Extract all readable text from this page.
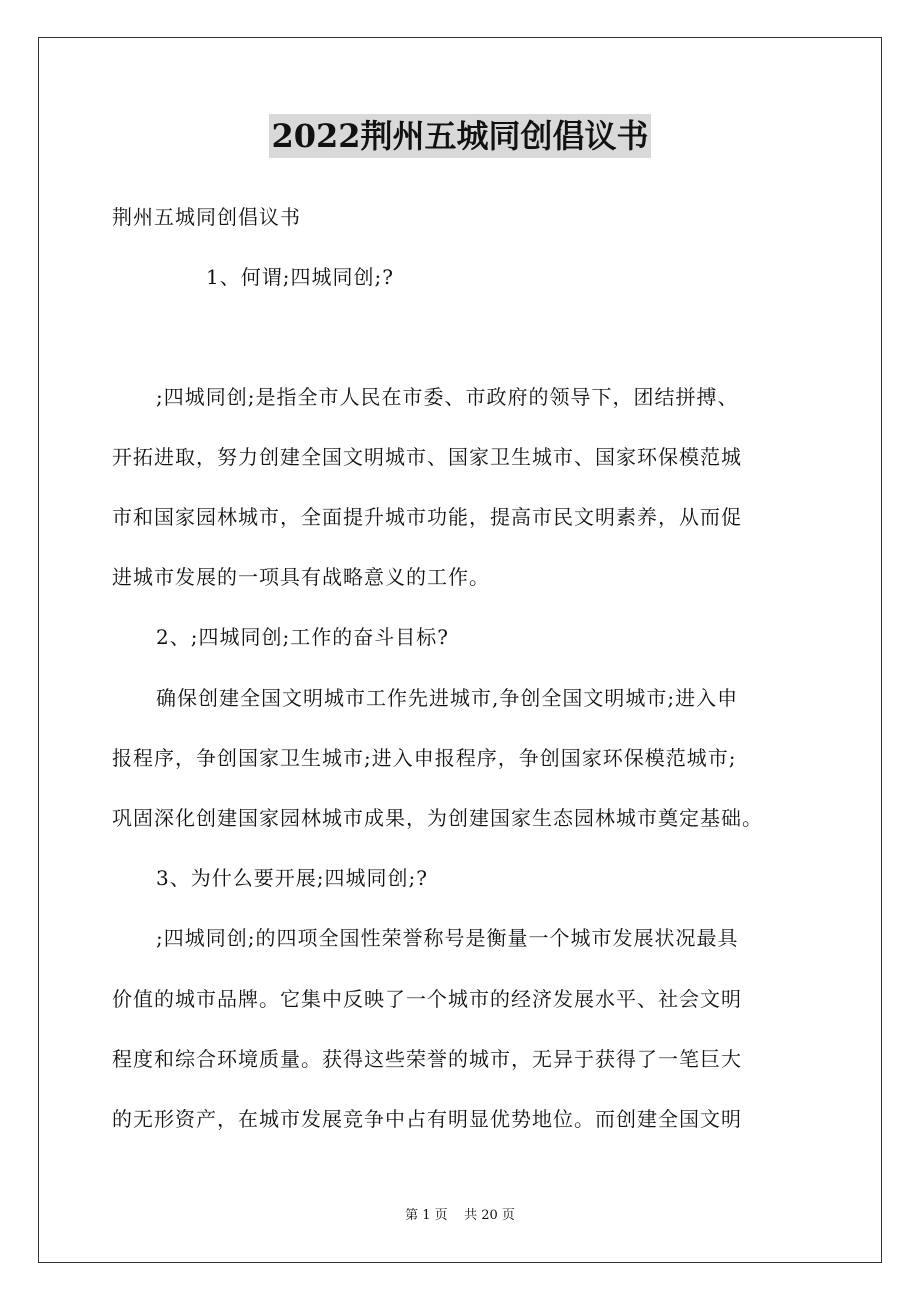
2022荆州五城同创倡议书
荆州五城同创倡议书
1、何谓;四城同创;?
;四城同创;是指全市人民在市委、市政府的领导下，团结拼搏、
开拓进取，努力创建全国文明城市、国家卫生城市、国家环保模范城
市和国家园林城市，全面提升城市功能，提高市民文明素养，从而促
进城市发展的一项具有战略意义的工作。
2、;四城同创;工作的奋斗目标?
确保创建全国文明城市工作先进城市,争创全国文明城市;进入申
报程序，争创国家卫生城市;进入申报程序，争创国家环保模范城市;
巩固深化创建国家园林城市成果，为创建国家生态园林城市奠定基础。
3、为什么要开展;四城同创;?
;四城同创;的四项全国性荣誉称号是衡量一个城市发展状况最具
价值的城市品牌。它集中反映了一个城市的经济发展水平、社会文明
程度和综合环境质量。获得这些荣誉的城市，无异于获得了一笔巨大
的无形资产，在城市发展竞争中占有明显优势地位。而创建全国文明
第 1 页    共 20 页
